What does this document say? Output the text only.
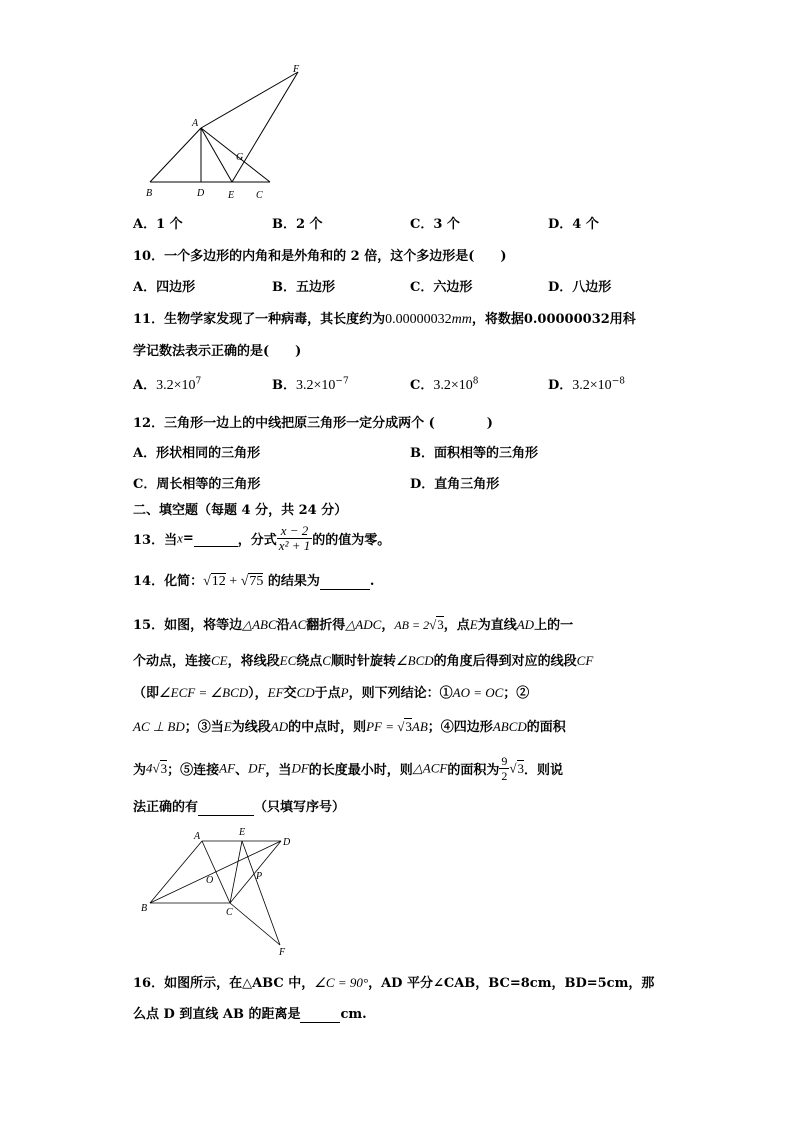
F
A
G
B	D E C
A．1 个	B．2 个	C．3 个	D．4 个
10．一个多边形的内角和是外角和的 2 倍，这个多边形是(　　)
A．四边形	B．五边形	C．六边形	D．八边形
11．生物学家发现了一种病毒，其长度约为0.00000032mm，将数据0.00000032用科
学记数法表示正确的是(　　)
A．$3.2\times 10^7$	B．$3.2\times 10^{-7}$	C．$3.2\times 10^8$	D．$3.2\times 10^{-8}$
12．三角形一边上的中线把原三角形一定分成两个 (　　　　)
A．形状相同的三角形	B．面积相等的三角形
C．周长相等的三角形	D．直角三角形
二、填空题（每题 4 分，共 24 分）
13．当x=	，分式 $\frac{x - 2}{\text{x² + 1}}$ 的的值为零。
14．化简：√12 + √75 的结果为	.
15．如图，将等边△ABC沿AC翻折得△ADC，AB = 2√3，点E为直线AD上的一
个动点，连接CE，将线段EC绕点C顺时针旋转∠BCD的角度后得到对应的线段CF
（即∠ECF = ∠BCD），EF交CD于点P，则下列结论：①AO = OC；②
AC ⊥ BD；③当E为线段AD的中点时，则PF = √3AB；④四边形ABCD的面积
为4√3；⑤连接AF、DF，当DF的长度最小时，则△ACF的面积为 $\frac{9}{2} √3$．则说
法正确的有	（只填写序号）
A	E
D
O	P
B	C
F
16．如图所示，在△ABC 中，∠C = 90°，AD 平分∠CAB，BC=8cm，BD=5cm，那
么点 D 到直线 AB 的距离是	cm.
